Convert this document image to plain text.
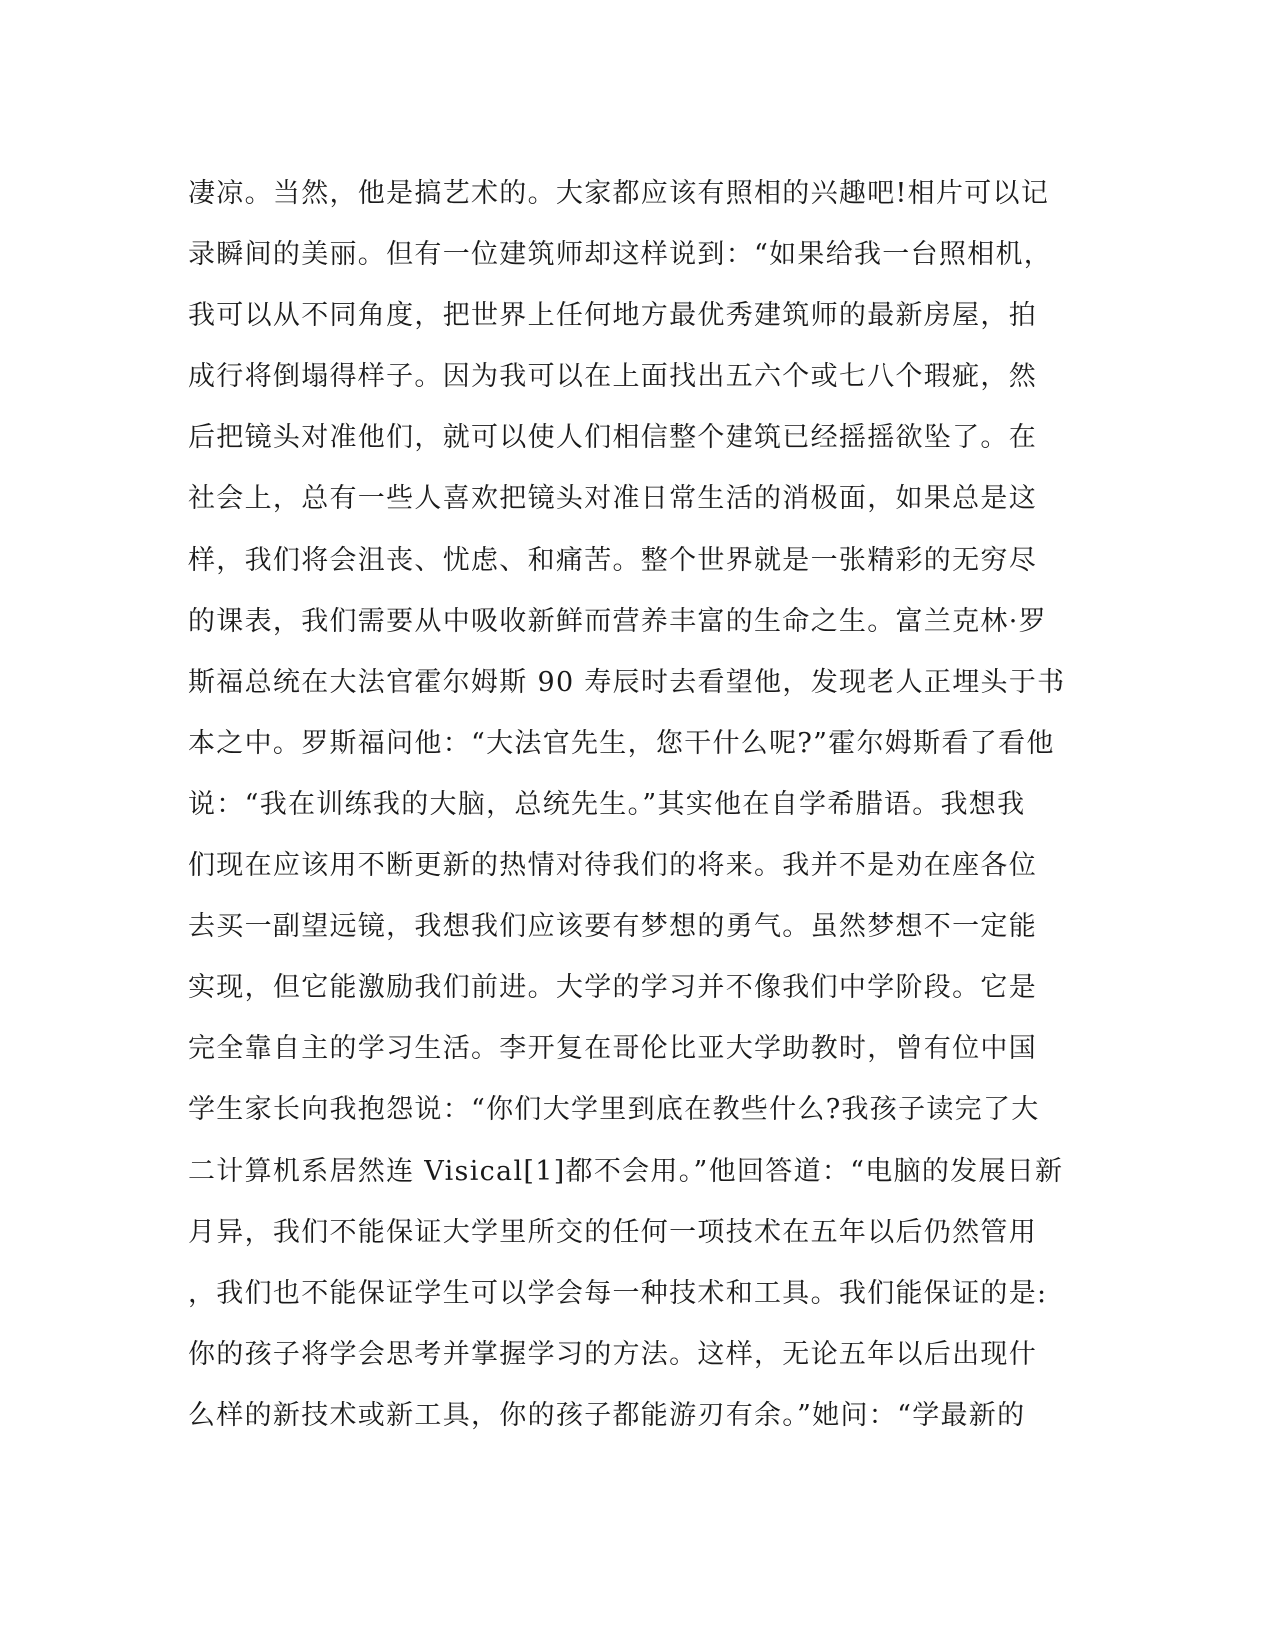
凄凉。当然，他是搞艺术的。大家都应该有照相的兴趣吧!相片可以记
录瞬间的美丽。但有一位建筑师却这样说到：“如果给我一台照相机，
我可以从不同角度，把世界上任何地方最优秀建筑师的最新房屋，拍
成行将倒塌得样子。因为我可以在上面找出五六个或七八个瑕疵，然
后把镜头对准他们，就可以使人们相信整个建筑已经摇摇欲坠了。在
社会上，总有一些人喜欢把镜头对准日常生活的消极面，如果总是这
样，我们将会沮丧、忧虑、和痛苦。整个世界就是一张精彩的无穷尽
的课表，我们需要从中吸收新鲜而营养丰富的生命之生。富兰克林·罗
斯福总统在大法官霍尔姆斯 90 寿辰时去看望他，发现老人正埋头于书
本之中。罗斯福问他：“大法官先生，您干什么呢?”霍尔姆斯看了看他
说：“我在训练我的大脑，总统先生。”其实他在自学希腊语。我想我
们现在应该用不断更新的热情对待我们的将来。我并不是劝在座各位
去买一副望远镜，我想我们应该要有梦想的勇气。虽然梦想不一定能
实现，但它能激励我们前进。大学的学习并不像我们中学阶段。它是
完全靠自主的学习生活。李开复在哥伦比亚大学助教时，曾有位中国
学生家长向我抱怨说：“你们大学里到底在教些什么?我孩子读完了大
二计算机系居然连 Visical[1]都不会用。”他回答道：“电脑的发展日新
月异，我们不能保证大学里所交的任何一项技术在五年以后仍然管用
，我们也不能保证学生可以学会每一种技术和工具。我们能保证的是:
你的孩子将学会思考并掌握学习的方法。这样，无论五年以后出现什
么样的新技术或新工具，你的孩子都能游刃有余。”她问：“学最新的
